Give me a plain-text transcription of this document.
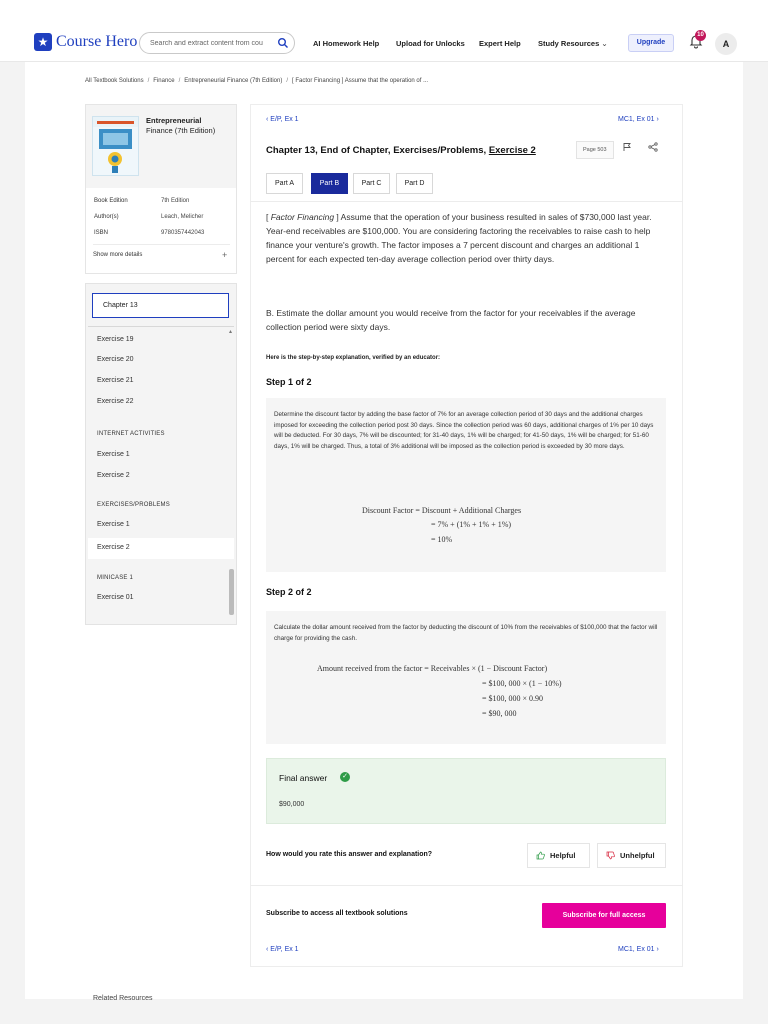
★ Course Hero
Search and extract content from cou	AI Homework Help Upload for Unlocks Expert Help Study Resources ⌄	Upgrade
10
A
All Textbook Solutions / Finance / Entrepreneurial Finance (7th Edition) / [ Factor Financing ] Assume that the operation of ...
Entrepreneurial
Finance (7th Edition)
Book Edition	7th Edition
Author(s)	Leach, Melicher
ISBN	9780357442043
Show more details	+
Chapter 13
▴
Exercise 19
Exercise 20
Exercise 21
Exercise 22
INTERNET ACTIVITIES
Exercise 1
Exercise 2
EXERCISES/PROBLEMS
Exercise 1
Exercise 2
MINICASE 1
Exercise 01
‹ E/P, Ex 1	MC1, Ex 01 ›
Chapter 13, End of Chapter, Exercises/Problems, Exercise 2	Page 503
Part A	Part B	Part C	Part D
[ Factor Financing ] Assume that the operation of your business resulted in sales of $730,000 last year. Year-end receivables are $100,000. You are considering factoring the receivables to raise cash to help finance your venture's growth. The factor imposes a 7 percent discount and charges an additional 1 percent for each expected ten-day average collection period over thirty days.
B. Estimate the dollar amount you would receive from the factor for your receivables if the average collection period were sixty days.
Here is the step-by-step explanation, verified by an educator:
Step 1 of 2
Determine the discount factor by adding the base factor of 7% for an average collection period of 30 days and the additional charges imposed for exceeding the collection period post 30 days. Since the collection period was 60 days, additional charges of 1% per 10 days will be deducted. For 30 days, 7% will be discounted; for 31-40 days, 1% will be charged; for 41-50 days, 1% will be charged; for 51-60 days, 1% will be charged. Thus, a total of 3% additional will be imposed as the collection period is exceeded by 30 more days.
Discount Factor = Discount + Additional Charges
= 7% + (1% + 1% + 1%)
= 10%
Step 2 of 2
Calculate the dollar amount received from the factor by deducting the discount of 10% from the receivables of $100,000 that the factor will charge for providing the cash.
Amount received from the factor = Receivables × (1 − Discount Factor)
= $100, 000 × (1 − 10%)
= $100, 000 × 0.90
= $90, 000
Final answer ✓
$90,000
How would you rate this answer and explanation?	Helpful	Unhelpful
Subscribe to access all textbook solutions	Subscribe for full access
‹ E/P, Ex 1	MC1, Ex 01 ›
Related Resources
